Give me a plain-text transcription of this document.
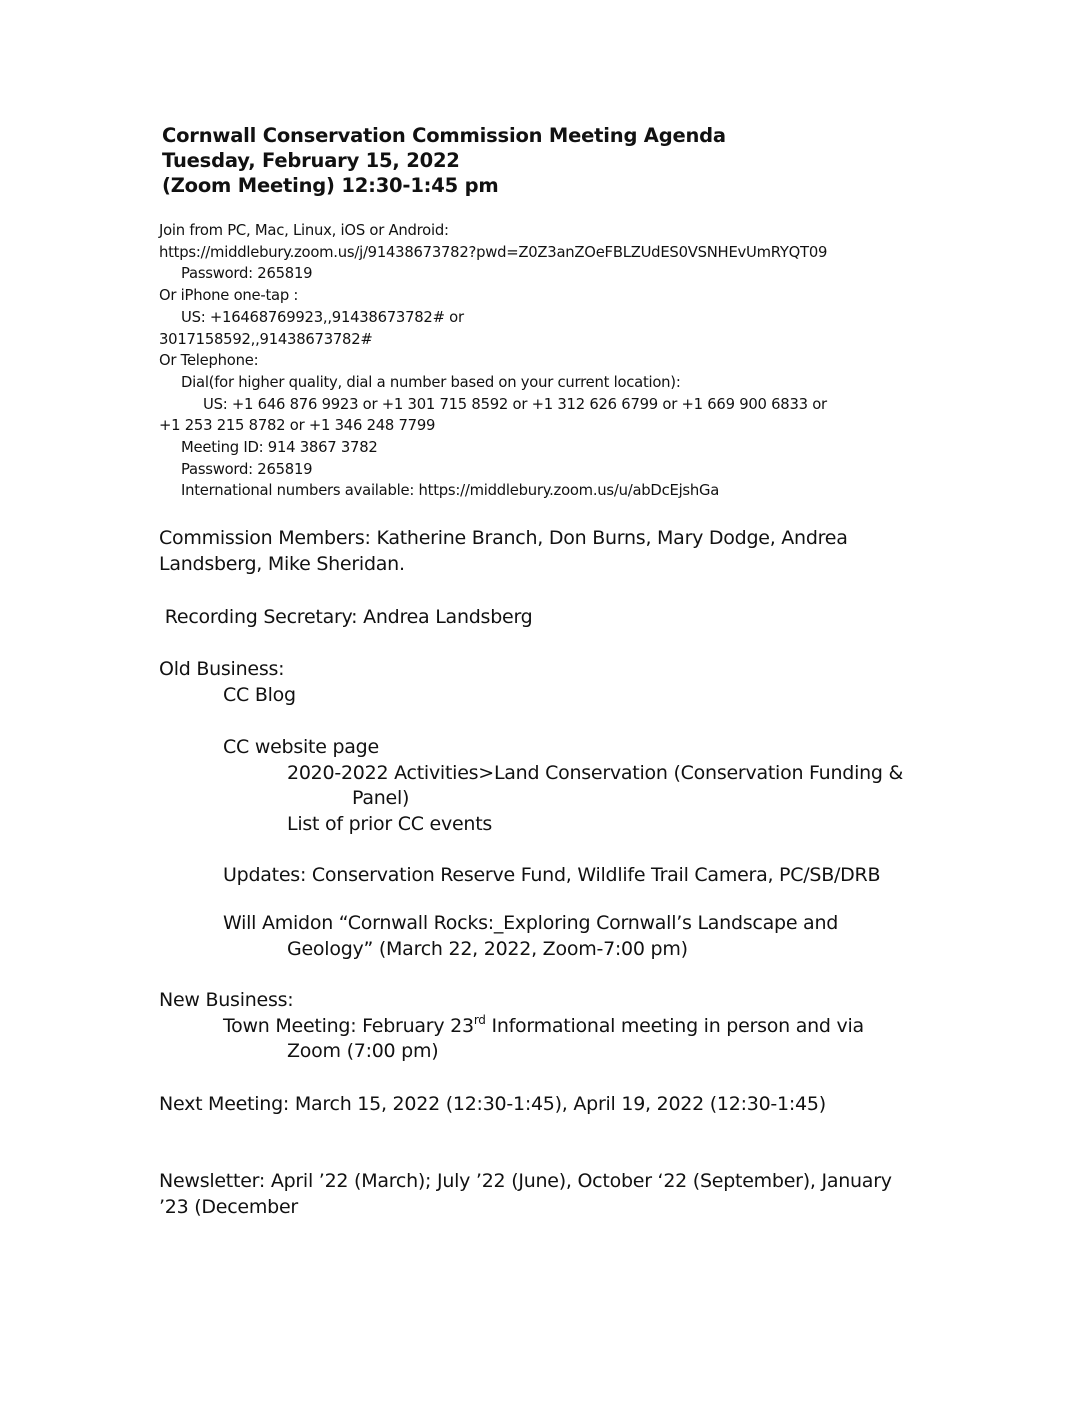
Cornwall Conservation Commission Meeting Agenda
Tuesday, February 15, 2022
(Zoom Meeting) 12:30-1:45 pm
Join from PC, Mac, Linux, iOS or Android:
https://middlebury.zoom.us/j/91438673782?pwd=Z0Z3anZOeFBLZUdES0VSNHEvUmRYQT09
Password: 265819
Or iPhone one-tap :
US: +16468769923,,91438673782# or
3017158592,,91438673782#
Or Telephone:
Dial(for higher quality, dial a number based on your current location):
US: +1 646 876 9923 or +1 301 715 8592 or +1 312 626 6799 or +1 669 900 6833 or
+1 253 215 8782 or +1 346 248 7799
Meeting ID: 914 3867 3782
Password: 265819
International numbers available: https://middlebury.zoom.us/u/abDcEjshGa
Commission Members: Katherine Branch, Don Burns, Mary Dodge, Andrea
Landsberg, Mike Sheridan.
Recording Secretary: Andrea Landsberg
Old Business:
CC Blog
CC website page
2020-2022 Activities>Land Conservation (Conservation Funding &
Panel)
List of prior CC events
Updates: Conservation Reserve Fund, Wildlife Trail Camera, PC/SB/DRB
Will Amidon “Cornwall Rocks:_Exploring Cornwall’s Landscape and
Geology” (March 22, 2022, Zoom-7:00 pm)
New Business:
Town Meeting: February 23rd Informational meeting in person and via
Zoom (7:00 pm)
Next Meeting: March 15, 2022 (12:30-1:45), April 19, 2022 (12:30-1:45)
Newsletter: April ’22 (March); July ’22 (June), October ‘22 (September), January
’23 (December
